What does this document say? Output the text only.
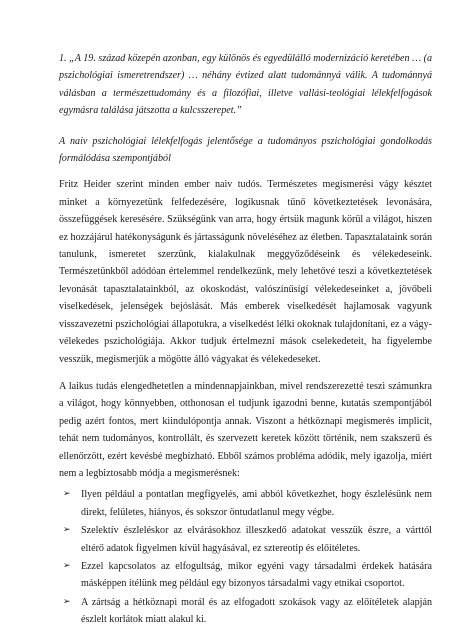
1. „A 19. század közepén azonban, egy különös és egyedülálló modernizáció keretében … (a pszichológiai ismeretrendszer) … néhány évtized alatt tudománnyá válik. A tudománnyá válásban a természettudomány és a filozófiai, illetve vallási-teológiai lélekfelfogások egymásra találása játszotta a kulcsszerepet.”

A naiv pszichológiai lélekfelfogás jelentősége a tudományos pszichológiai gondolkodás formálódása szempontjából

Fritz Heider szerint minden ember naiv tudós. Természetes megismerési vágy késztet minket a környezetünk felfedezésére, logikusnak tűnő következtetések levonására, összefüggések keresésére. Szükségünk van arra, hogy értsük magunk körül a világot, hiszen ez hozzájárul hatékonyságunk és jártasságunk növeléséhez az életben. Tapasztalataink során tanulunk, ismeretet szerzünk, kialakulnak meggyőződéseink és vélekedeseink. Természetünkből adódóan értelemmel rendelkezünk, mely lehetővé teszi a következtetések levonását tapasztalatainkból, az okoskodást, valószínűsígí vélekedeseinket a, jövőbeli viselkedések, jelenségek bejóslását. Más emberek viselkedését hajlamosak vagyunk visszavezetni pszichológiai állapotukra, a viselkedést lélki okoknak tulajdonítani, ez a vágy-vélekedes pszichológiája. Akkor tudjuk értelmezni mások cselekedeteit, ha figyelembe vesszük, megismerjük a mögötte álló vágyakat és vélekedeseket.

A laikus tudás elengedhetetlen a mindennapjainkban, mivel rendszerezetté teszi számunkra a világot, hogy könnyebben, otthonosan el tudjunk igazodni benne, kutatás szempontjából pedig azért fontos, mert kiindulópontja annak. Viszont a hétköznapi megismerés implicit, tehát nem tudományos, kontrollált, és szervezett keretek között történik, nem szakszerű és ellenőrzött, ezért kevésbé megbízható. Ebből számos probléma adódik, mely igazolja, miért nem a legbiztosabb módja a megismerésnek:

➢ Ilyen például a pontatlan megfigyelés, ami abból következhet, hogy észlelésünk nem direkt, felületes, hiányos, és sokszor öntudatlanul megy végbe.
➢ Szelektív észleléskor az elvárásokhoz illeszkedő adatokat vesszük észre, a várttól eltérő adatok figyelmen kívül hagyásával, ez sztereotip és előítéletes.
➢ Ezzel kapcsolatos az elfogultság, mikor egyéni vagy társadalmi érdekek hatására másképpen ítélünk meg például egy bizonyos társadalmi vagy etnikai csoportot.
➢ A zártság a hétköznapi morál és az elfogadott szokások vagy az előítéletek alapján észlelt korlátok miatt alakul ki.
